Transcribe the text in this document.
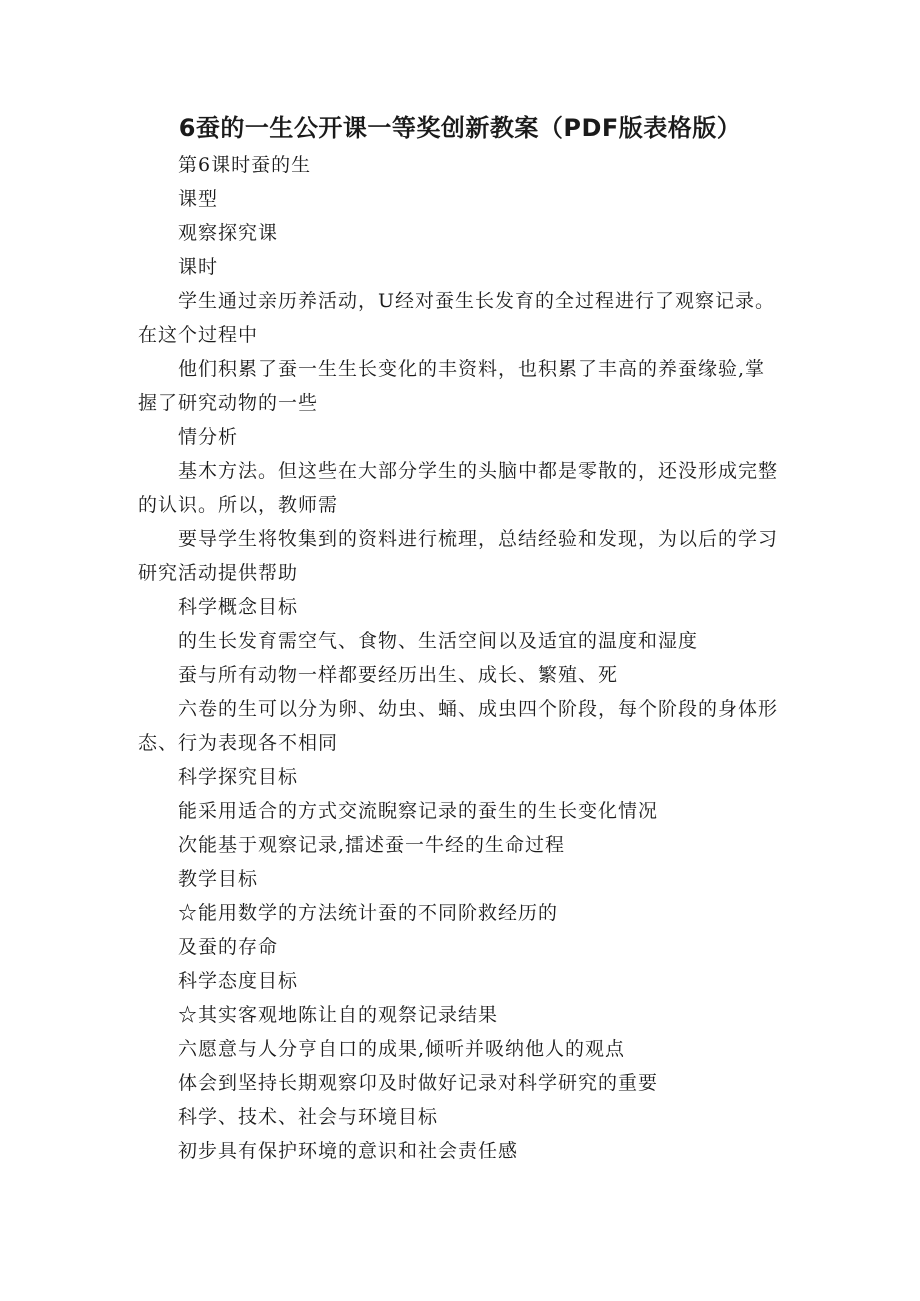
6蚕的一生公开课一等奖创新教案（PDF版表格版）

第6课时蚕的生

课型

观察探究课

课时

学生通过亲历养活动，U经对蚕生长发育的全过程进行了观察记录。
在这个过程中

他们积累了蚕一生生长变化的丰资料，也积累了丰高的养蚕缘验,掌
握了研究动物的一些

情分析

基木方法。但这些在大部分学生的头脑中都是零散的，还没形成完整
的认识。所以，教师需

要导学生将牧集到的资料进行梳理，总结经验和发现，为以后的学习
研究活动提供帮助

科学概念目标

的生长发育需空气、食物、生活空间以及适宜的温度和湿度

蚕与所有动物一样都要经历出生、成长、繁殖、死

六卷的生可以分为卵、幼虫、蛹、成虫四个阶段，每个阶段的身体形
态、行为表现各不相同

科学探究目标

能采用适合的方式交流睨察记录的蚕生的生长变化情况

次能基于观察记录,擂述蚕一牛经的生命过程

教学目标

☆能用数学的方法统计蚕的不同阶救经历的

及蚕的存命

科学态度目标

☆其实客观地陈让自的观祭记录结果

六愿意与人分亨自口的成果,倾听并吸纳他人的观点

体会到坚持长期观察卬及时做好记录对科学研究的重要

科学、技术、社会与环境目标

初步具有保护环境的意识和社会责任感
